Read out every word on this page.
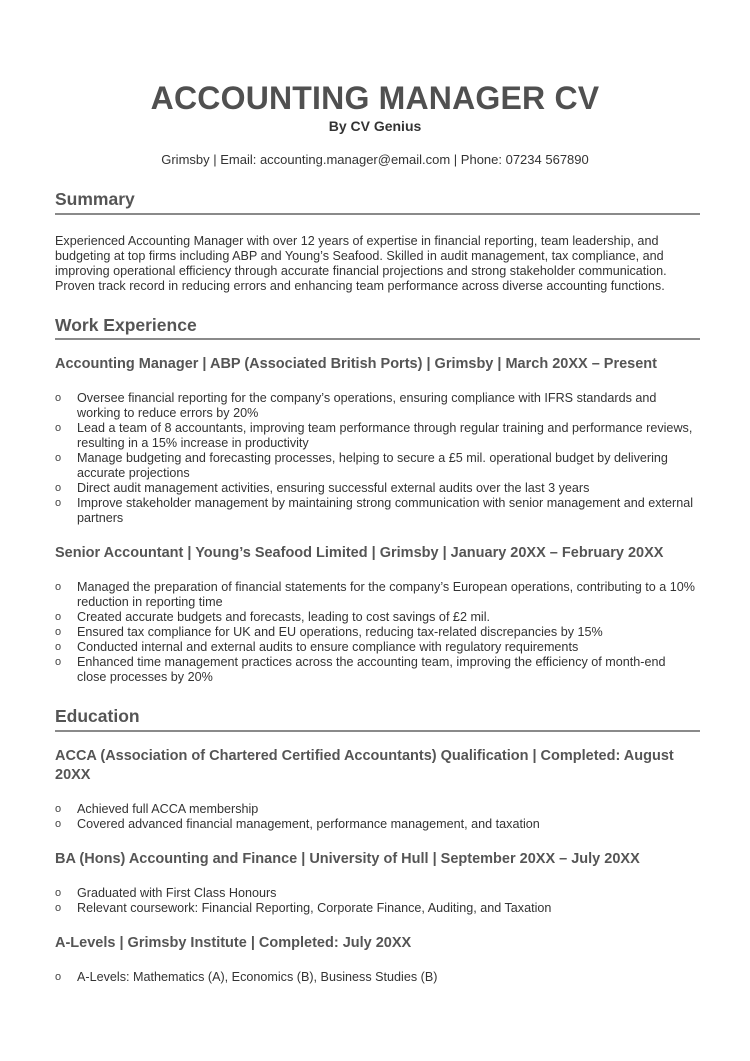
ACCOUNTING MANAGER CV
By CV Genius
Grimsby | Email: accounting.manager@email.com | Phone: 07234 567890
Summary
Experienced Accounting Manager with over 12 years of expertise in financial reporting, team leadership, and budgeting at top firms including ABP and Young’s Seafood. Skilled in audit management, tax compliance, and improving operational efficiency through accurate financial projections and strong stakeholder communication. Proven track record in reducing errors and enhancing team performance across diverse accounting functions.
Work Experience
Accounting Manager | ABP (Associated British Ports) | Grimsby | March 20XX – Present
o Oversee financial reporting for the company’s operations, ensuring compliance with IFRS standards and working to reduce errors by 20%
o Lead a team of 8 accountants, improving team performance through regular training and performance reviews, resulting in a 15% increase in productivity
o Manage budgeting and forecasting processes, helping to secure a £5 mil. operational budget by delivering accurate projections
o Direct audit management activities, ensuring successful external audits over the last 3 years
o Improve stakeholder management by maintaining strong communication with senior management and external partners
Senior Accountant | Young’s Seafood Limited | Grimsby | January 20XX – February 20XX
o Managed the preparation of financial statements for the company’s European operations, contributing to a 10% reduction in reporting time
o Created accurate budgets and forecasts, leading to cost savings of £2 mil.
o Ensured tax compliance for UK and EU operations, reducing tax-related discrepancies by 15%
o Conducted internal and external audits to ensure compliance with regulatory requirements
o Enhanced time management practices across the accounting team, improving the efficiency of month-end close processes by 20%
Education
ACCA (Association of Chartered Certified Accountants) Qualification | Completed: August 20XX
o Achieved full ACCA membership
o Covered advanced financial management, performance management, and taxation
BA (Hons) Accounting and Finance | University of Hull | September 20XX – July 20XX
o Graduated with First Class Honours
o Relevant coursework: Financial Reporting, Corporate Finance, Auditing, and Taxation
A-Levels | Grimsby Institute | Completed: July 20XX
o A-Levels: Mathematics (A), Economics (B), Business Studies (B)
